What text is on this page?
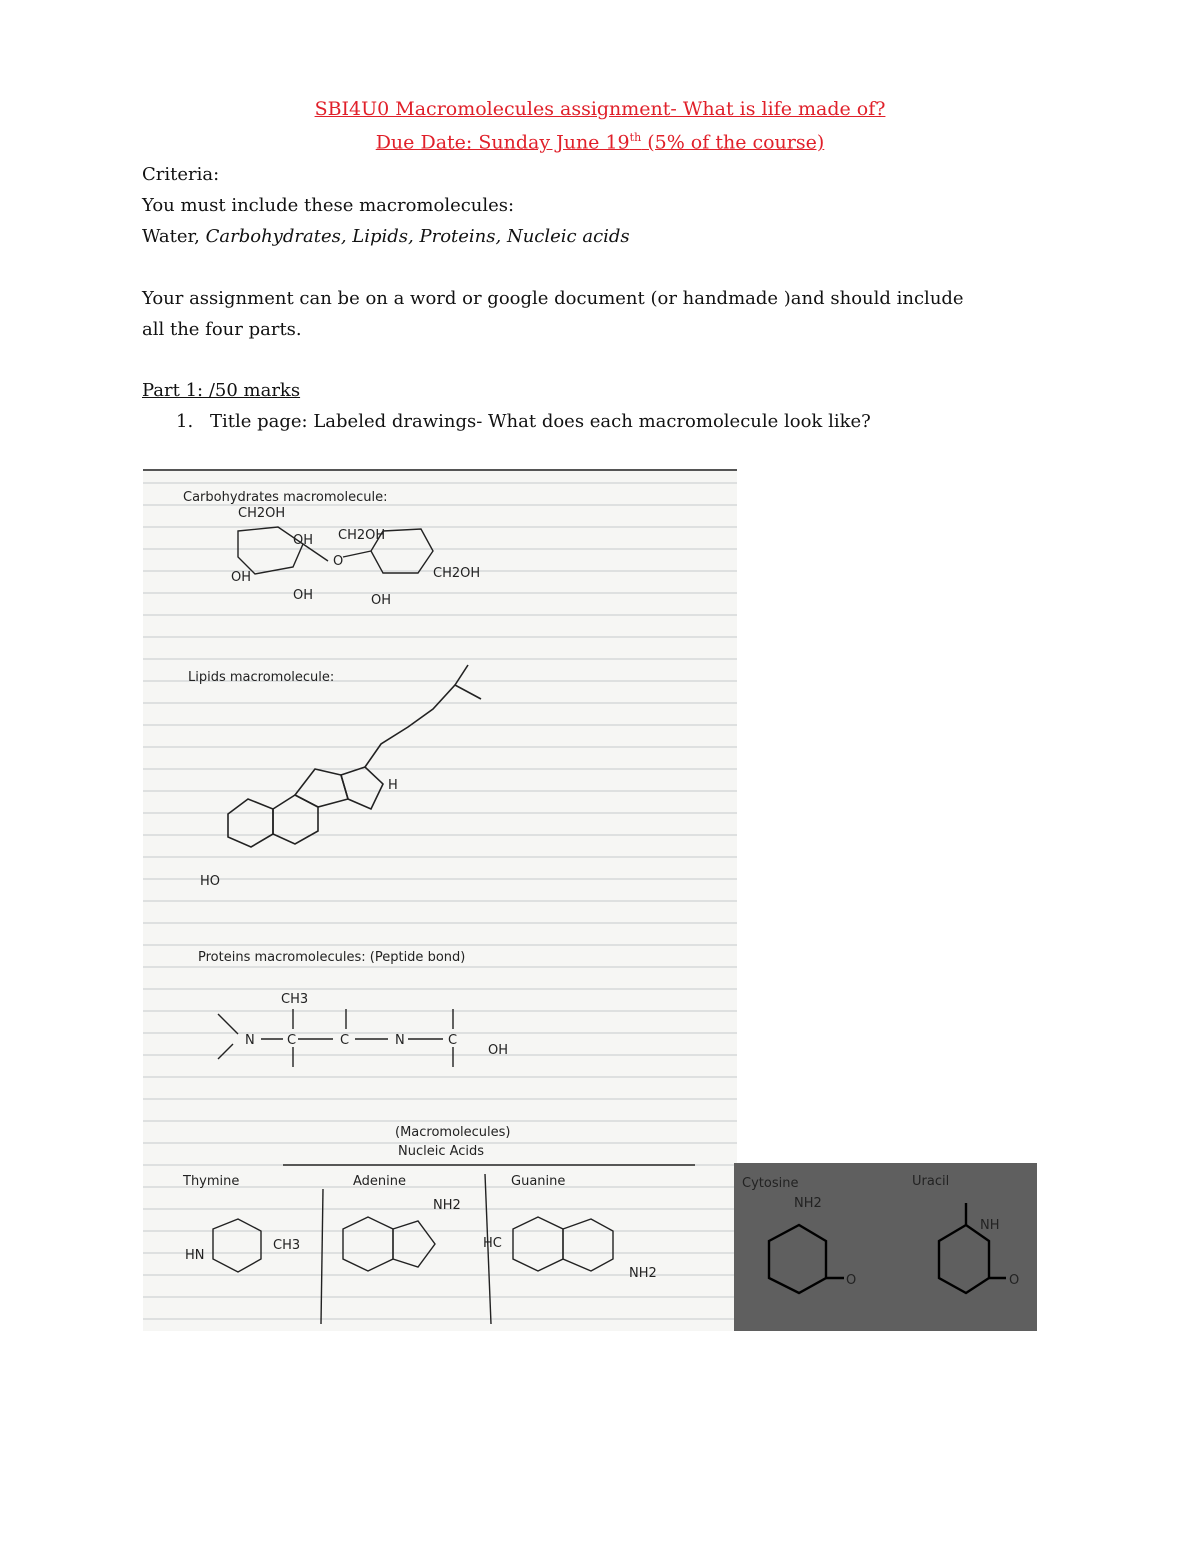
SBI4U0 Macromolecules assignment- What is life made of?
Due Date: Sunday June 19th (5% of the course)
Criteria:
You must include these macromolecules:
Water, Carbohydrates, Lipids, Proteins, Nucleic acids
Your assignment can be on a word or google document (or handmade )and should include
all the four parts.
Part 1: /50 marks
1. Title page: Labeled drawings- What does each macromolecule look like?
Carbohydrates macromolecule:
CH2OH
OH
O
CH2OH
CH2OH
OH
OH	OH
Lipids macromolecule:
HO
H
Proteins macromolecules: (Peptide bond)
CH3
N C	C	N	C
OH
(Macromolecules)
Nucleic Acids
Thymine	Adenine	Guanine
CH3
HN
NH2
HC
NH2
Cytosine	Uracil
NH2
O	O
NH
